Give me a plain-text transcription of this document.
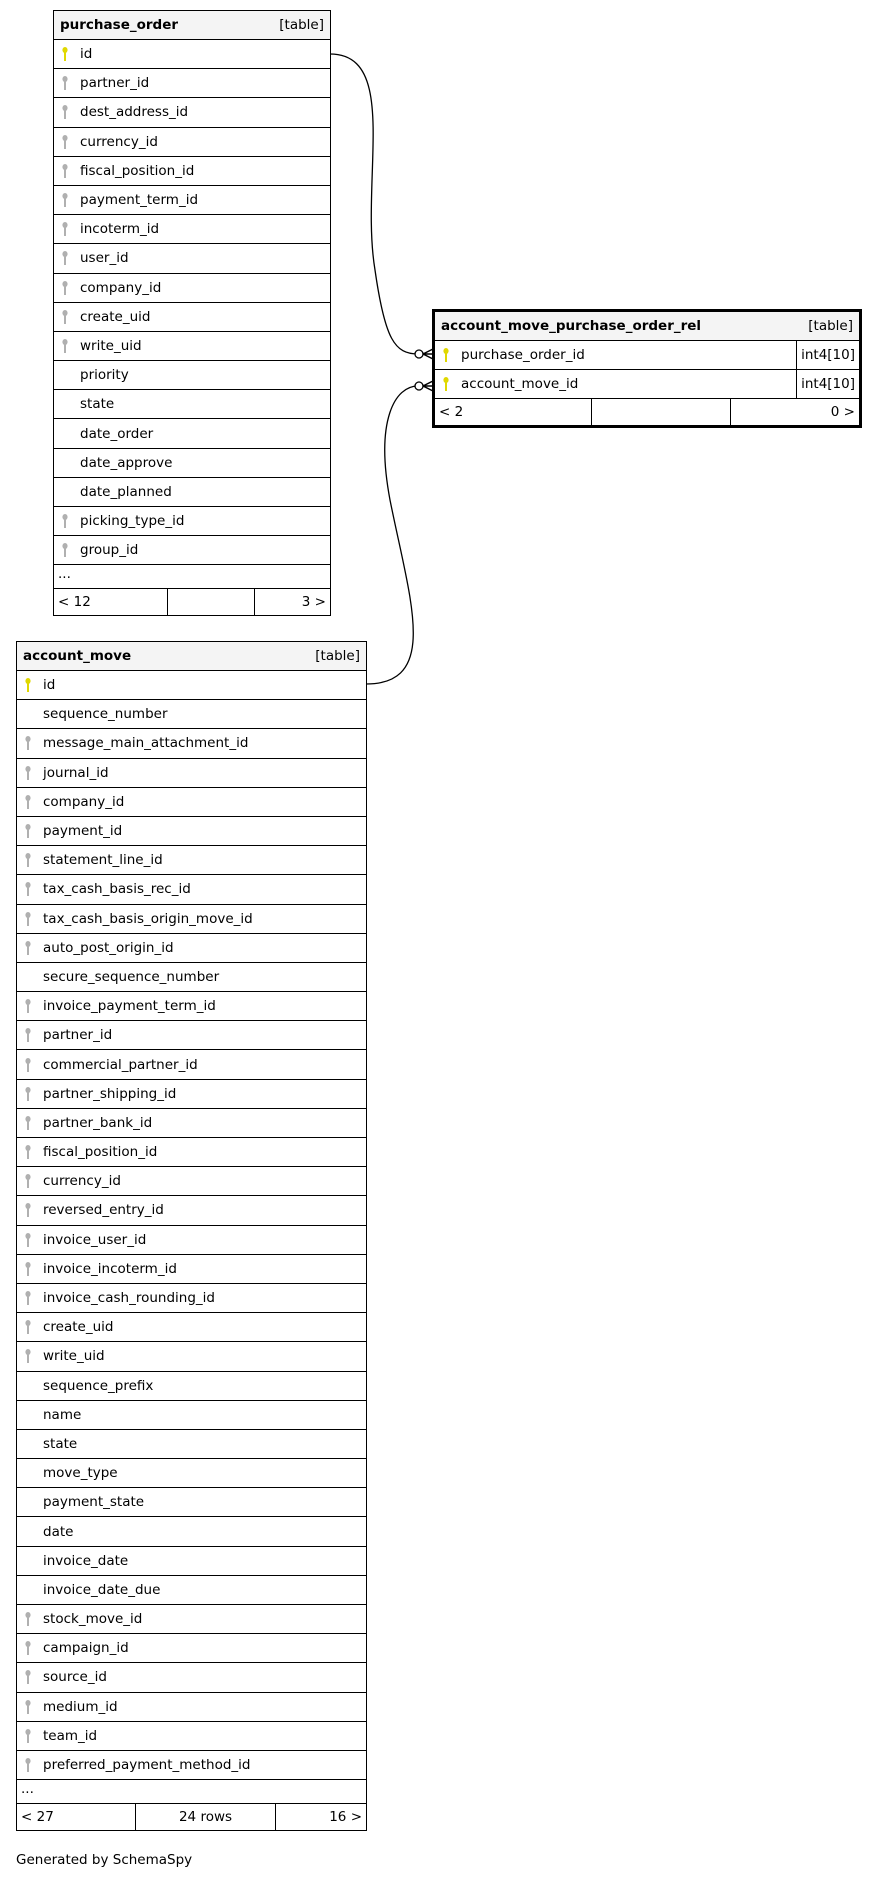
purchase_order	[table]
id
partner_id
dest_address_id
currency_id
fiscal_position_id
payment_term_id
incoterm_id
user_id
company_id
create_uid
write_uid
priority
state
date_order
date_approve
date_planned
picking_type_id
group_id
...
< 12	3 >
account_move_purchase_order_rel	[table]
purchase_order_id	int4[10]
account_move_id	int4[10]
< 2	0 >
account_move	[table]
id
sequence_number
message_main_attachment_id
journal_id
company_id
payment_id
statement_line_id
tax_cash_basis_rec_id
tax_cash_basis_origin_move_id
auto_post_origin_id
secure_sequence_number
invoice_payment_term_id
partner_id
commercial_partner_id
partner_shipping_id
partner_bank_id
fiscal_position_id
currency_id
reversed_entry_id
invoice_user_id
invoice_incoterm_id
invoice_cash_rounding_id
create_uid
write_uid
sequence_prefix
name
state
move_type
payment_state
date
invoice_date
invoice_date_due
stock_move_id
campaign_id
source_id
medium_id
team_id
preferred_payment_method_id
...
< 27	24 rows	16 >
Generated by SchemaSpy
